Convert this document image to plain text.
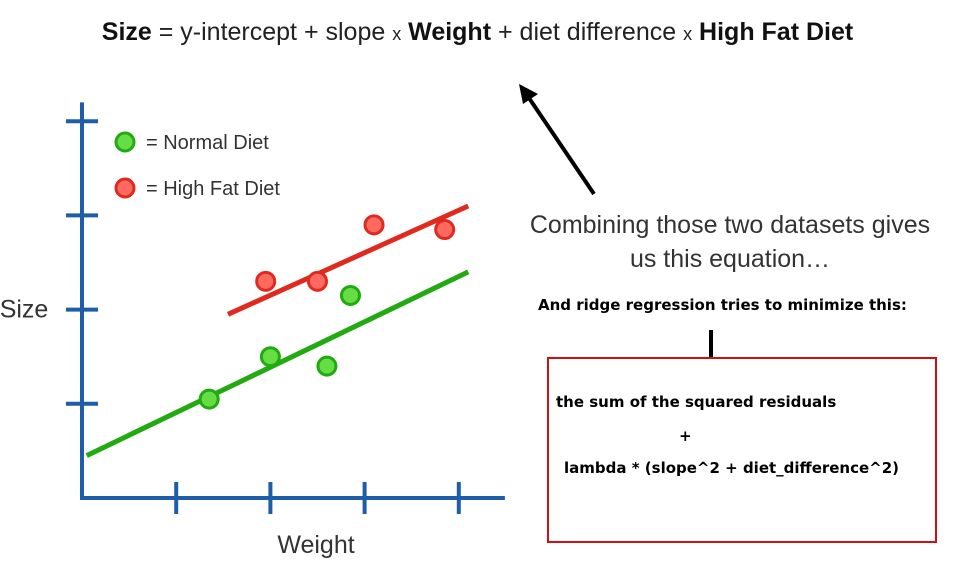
Size = y-intercept + slope x Weight + diet difference x High Fat Diet
Size
Weight
= Normal Diet
= High Fat Diet
Combining those two datasets gives
us this equation…
And ridge regression tries to minimize this:
the sum of the squared residuals
+
lambda * (slope^2 + diet_difference^2)
